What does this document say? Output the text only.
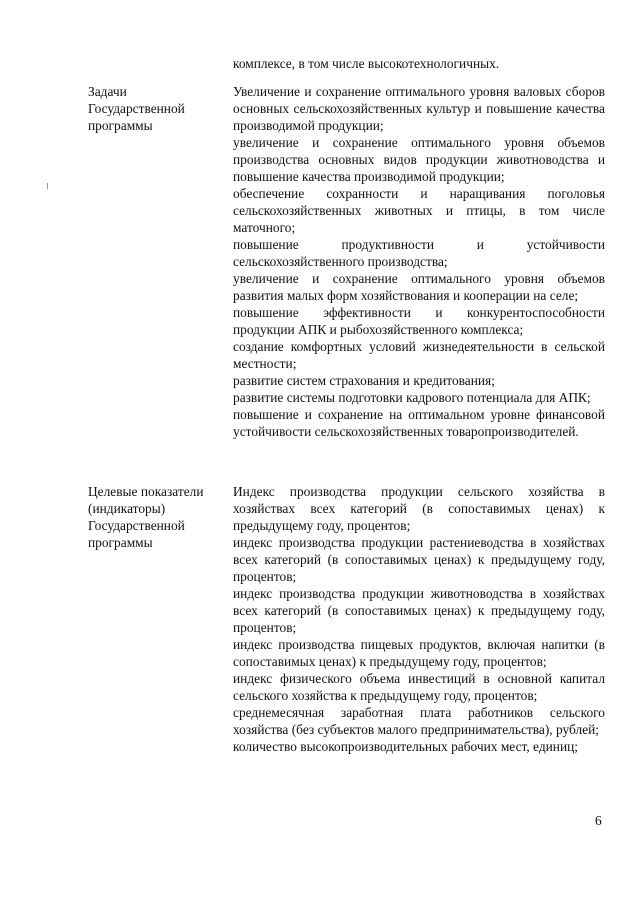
комплексе, в том числе высокотехнологичных.

Задачи Государственной программы

Увеличение и сохранение оптимального уровня валовых сборов основных сельскохозяйственных культур и повышение качества производимой продукции;
увеличение и сохранение оптимального уровня объемов производства основных видов продукции животноводства и повышение качества производимой продукции;
обеспечение сохранности и наращивания поголовья сельскохозяйственных животных и птицы, в том числе маточного;
повышение продуктивности и устойчивости сельскохозяйственного производства;
увеличение и сохранение оптимального уровня объемов развития малых форм хозяйствования и кооперации на селе;
повышение эффективности и конкурентоспособности продукции АПК и рыбохозяйственного комплекса;
создание комфортных условий жизнедеятельности в сельской местности;
развитие систем страхования и кредитования;
развитие системы подготовки кадрового потенциала для АПК;
повышение и сохранение на оптимальном уровне финансовой устойчивости сельскохозяйственных товаропроизводителей.

Целевые показатели (индикаторы) Государственной программы

Индекс производства продукции сельского хозяйства в хозяйствах всех категорий (в сопоставимых ценах) к предыдущему году, процентов;
индекс производства продукции растениеводства в хозяйствах всех категорий (в сопоставимых ценах) к предыдущему году, процентов;
индекс производства продукции животноводства в хозяйствах всех категорий (в сопоставимых ценах) к предыдущему году, процентов;
индекс производства пищевых продуктов, включая напитки (в сопоставимых ценах) к предыдущему году, процентов;
индекс физического объема инвестиций в основной капитал сельского хозяйства к предыдущему году, процентов;
среднемесячная заработная плата работников сельского хозяйства (без субъектов малого предпринимательства), рублей;
количество высокопроизводительных рабочих мест, единиц;

6
